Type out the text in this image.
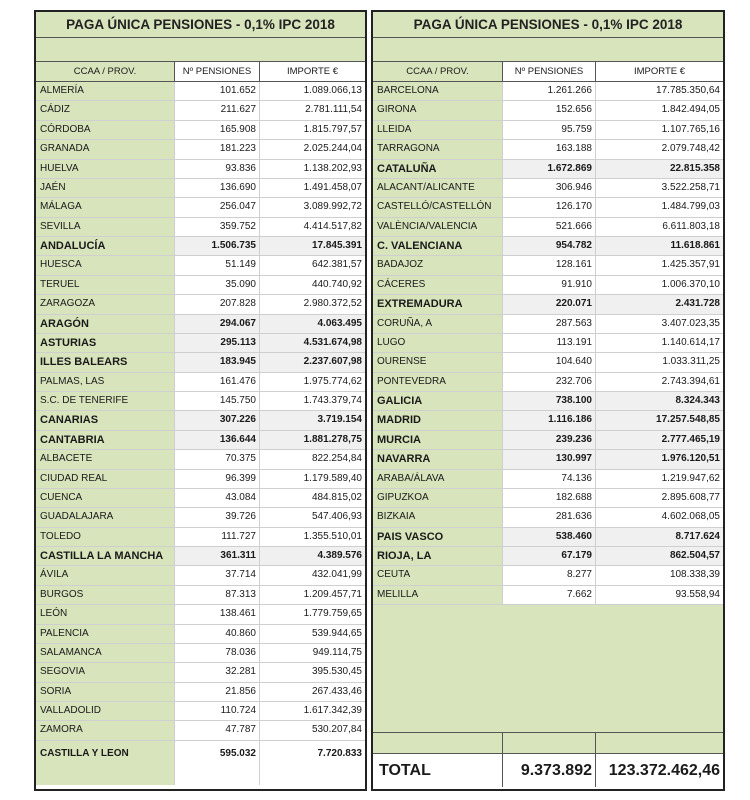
PAGA ÚNICA PENSIONES - 0,1% IPC 2018
CCAA / PROV.	Nº PENSIONES	IMPORTE €
ALMERÍA	101.652	1.089.066,13
CÁDIZ	211.627	2.781.111,54
CÓRDOBA	165.908	1.815.797,57
GRANADA	181.223	2.025.244,04
HUELVA	93.836	1.138.202,93
JAÉN	136.690	1.491.458,07
MÁLAGA	256.047	3.089.992,72
SEVILLA	359.752	4.414.517,82
ANDALUCÍA	1.506.735	17.845.391
HUESCA	51.149	642.381,57
TERUEL	35.090	440.740,92
ZARAGOZA	207.828	2.980.372,52
ARAGÓN	294.067	4.063.495
ASTURIAS	295.113	4.531.674,98
ILLES BALEARS	183.945	2.237.607,98
PALMAS, LAS	161.476	1.975.774,62
S.C. DE TENERIFE	145.750	1.743.379,74
CANARIAS	307.226	3.719.154
CANTABRIA	136.644	1.881.278,75
ALBACETE	70.375	822.254,84
CIUDAD REAL	96.399	1.179.589,40
CUENCA	43.084	484.815,02
GUADALAJARA	39.726	547.406,93
TOLEDO	111.727	1.355.510,01
CASTILLA LA MANCHA	361.311	4.389.576
ÁVILA	37.714	432.041,99
BURGOS	87.313	1.209.457,71
LEÓN	138.461	1.779.759,65
PALENCIA	40.860	539.944,65
SALAMANCA	78.036	949.114,75
SEGOVIA	32.281	395.530,45
SORIA	21.856	267.433,46
VALLADOLID	110.724	1.617.342,39
ZAMORA	47.787	530.207,84
CASTILLA Y LEON	595.032	7.720.833
PAGA ÚNICA PENSIONES - 0,1% IPC 2018
CCAA / PROV.	Nº PENSIONES	IMPORTE €
BARCELONA	1.261.266	17.785.350,64
GIRONA	152.656	1.842.494,05
LLEIDA	95.759	1.107.765,16
TARRAGONA	163.188	2.079.748,42
CATALUÑA	1.672.869	22.815.358
ALACANT/ALICANTE	306.946	3.522.258,71
CASTELLÓ/CASTELLÓN	126.170	1.484.799,03
VALÈNCIA/VALENCIA	521.666	6.611.803,18
C. VALENCIANA	954.782	11.618.861
BADAJOZ	128.161	1.425.357,91
CÁCERES	91.910	1.006.370,10
EXTREMADURA	220.071	2.431.728
CORUÑA, A	287.563	3.407.023,35
LUGO	113.191	1.140.614,17
OURENSE	104.640	1.033.311,25
PONTEVEDRA	232.706	2.743.394,61
GALICIA	738.100	8.324.343
MADRID	1.116.186	17.257.548,85
MURCIA	239.236	2.777.465,19
NAVARRA	130.997	1.976.120,51
ARABA/ÁLAVA	74.136	1.219.947,62
GIPUZKOA	182.688	2.895.608,77
BIZKAIA	281.636	4.602.068,05
PAIS VASCO	538.460	8.717.624
RIOJA, LA	67.179	862.504,57
CEUTA	8.277	108.338,39
MELILLA	7.662	93.558,94
TOTAL	9.373.892	123.372.462,46
